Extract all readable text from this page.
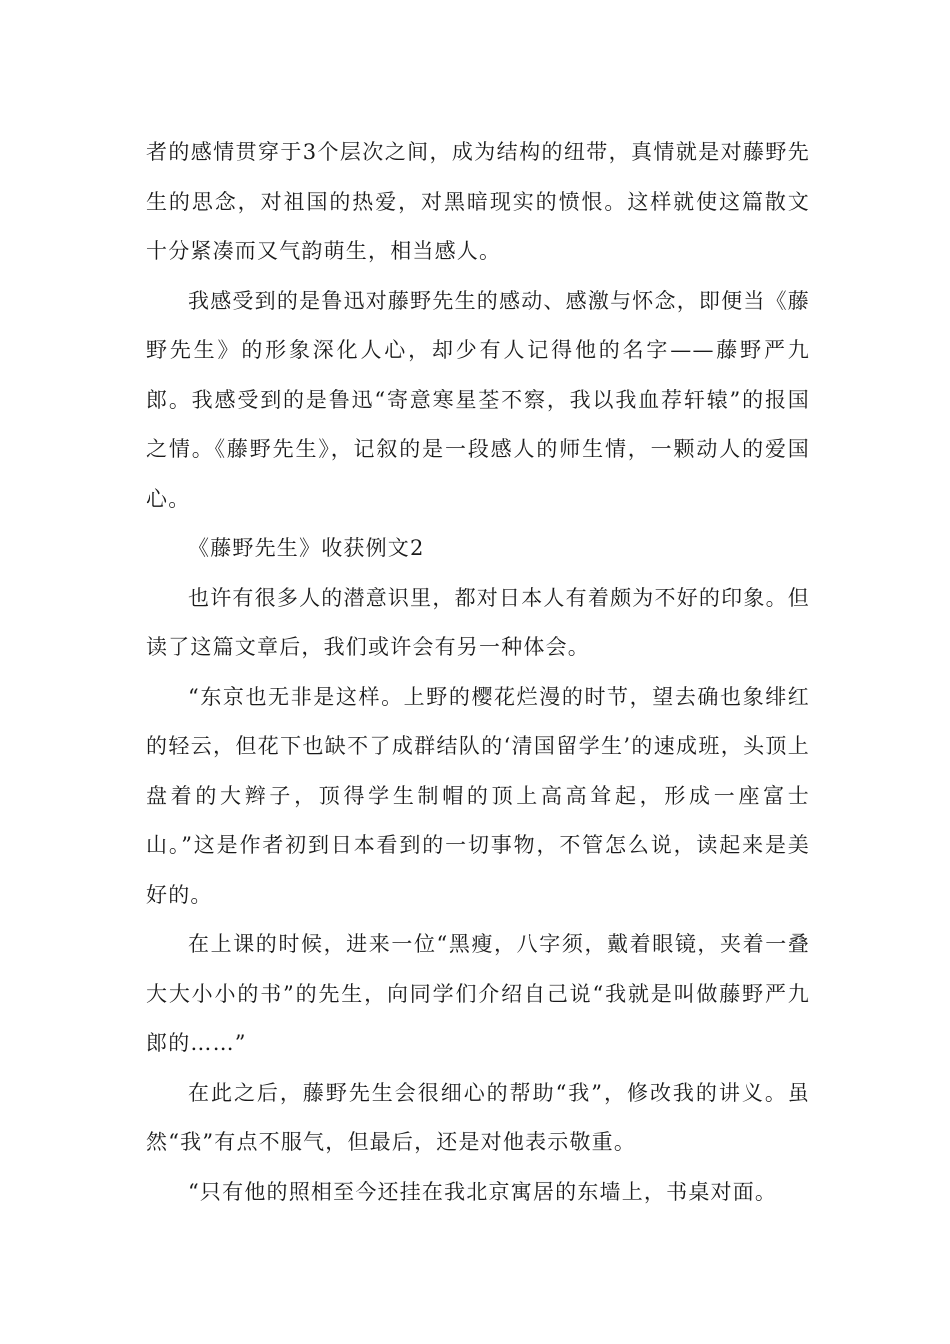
者的感情贯穿于3个层次之间，成为结构的纽带，真情就是对藤野先生的思念，对祖国的热爱，对黑暗现实的愤恨。这样就使这篇散文十分紧凑而又气韵萌生，相当感人。

我感受到的是鲁迅对藤野先生的感动、感激与怀念，即便当《藤野先生》的形象深化人心，却少有人记得他的名字——藤野严九郎。我感受到的是鲁迅“寄意寒星荃不察，我以我血荐轩辕”的报国之情。《藤野先生》，记叙的是一段感人的师生情，一颗动人的爱国心。

《藤野先生》收获例文2

也许有很多人的潜意识里，都对日本人有着颇为不好的印象。但读了这篇文章后，我们或许会有另一种体会。

“东京也无非是这样。上野的樱花烂漫的时节，望去确也象绯红的轻云，但花下也缺不了成群结队的‘清国留学生’的速成班，头顶上盘着的大辫子，顶得学生制帽的顶上高高耸起，形成一座富士山。”这是作者初到日本看到的一切事物，不管怎么说，读起来是美好的。

在上课的时候，进来一位“黑瘦，八字须，戴着眼镜，夹着一叠大大小小的书”的先生，向同学们介绍自己说“我就是叫做藤野严九郎的……”

在此之后，藤野先生会很细心的帮助“我”，修改我的讲义。虽然“我”有点不服气，但最后，还是对他表示敬重。

“只有他的照相至今还挂在我北京寓居的东墙上，书桌对面。
